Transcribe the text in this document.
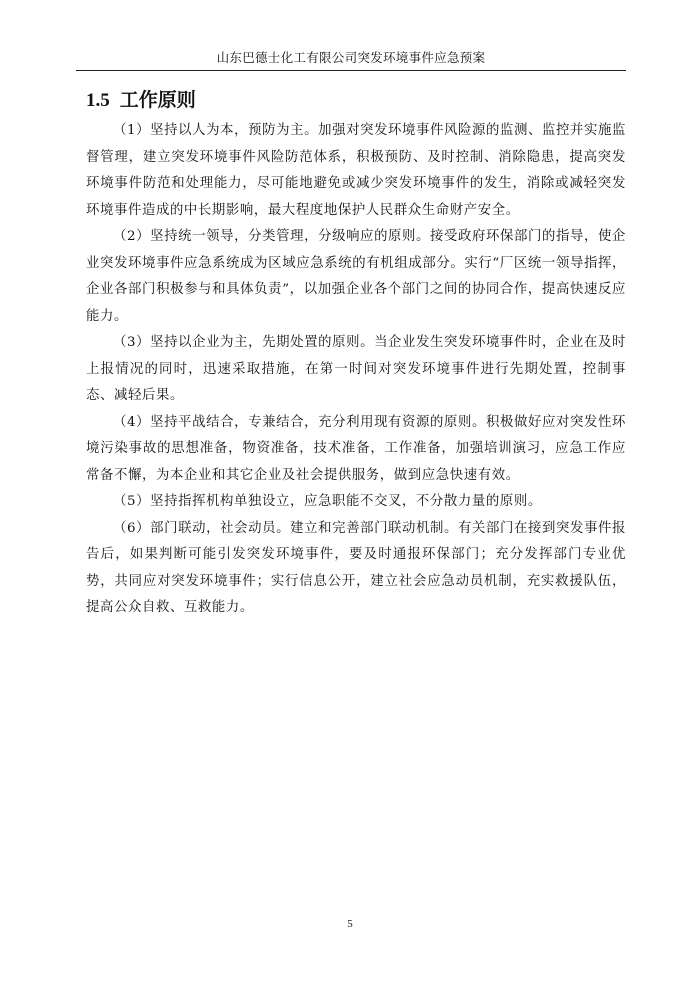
山东巴德士化工有限公司突发环境事件应急预案
1.5 工作原则

（1）坚持以人为本，预防为主。加强对突发环境事件风险源的监测、监控并实施监督管理，建立突发环境事件风险防范体系，积极预防、及时控制、消除隐患，提高突发环境事件防范和处理能力，尽可能地避免或减少突发环境事件的发生，消除或减轻突发环境事件造成的中长期影响，最大程度地保护人民群众生命财产安全。

（2）坚持统一领导，分类管理，分级响应的原则。接受政府环保部门的指导，使企业突发环境事件应急系统成为区域应急系统的有机组成部分。实行“厂区统一领导指挥，企业各部门积极参与和具体负责”，以加强企业各个部门之间的协同合作，提高快速反应能力。

（3）坚持以企业为主，先期处置的原则。当企业发生突发环境事件时，企业在及时上报情况的同时，迅速采取措施，在第一时间对突发环境事件进行先期处置，控制事态、减轻后果。

（4）坚持平战结合，专兼结合，充分利用现有资源的原则。积极做好应对突发性环境污染事故的思想准备，物资准备，技术准备，工作准备，加强培训演习，应急工作应常备不懈，为本企业和其它企业及社会提供服务，做到应急快速有效。

（5）坚持指挥机构单独设立，应急职能不交叉，不分散力量的原则。

（6）部门联动，社会动员。建立和完善部门联动机制。有关部门在接到突发事件报告后，如果判断可能引发突发环境事件，要及时通报环保部门；充分发挥部门专业优势，共同应对突发环境事件；实行信息公开，建立社会应急动员机制，充实救援队伍，提高公众自救、互救能力。

5
